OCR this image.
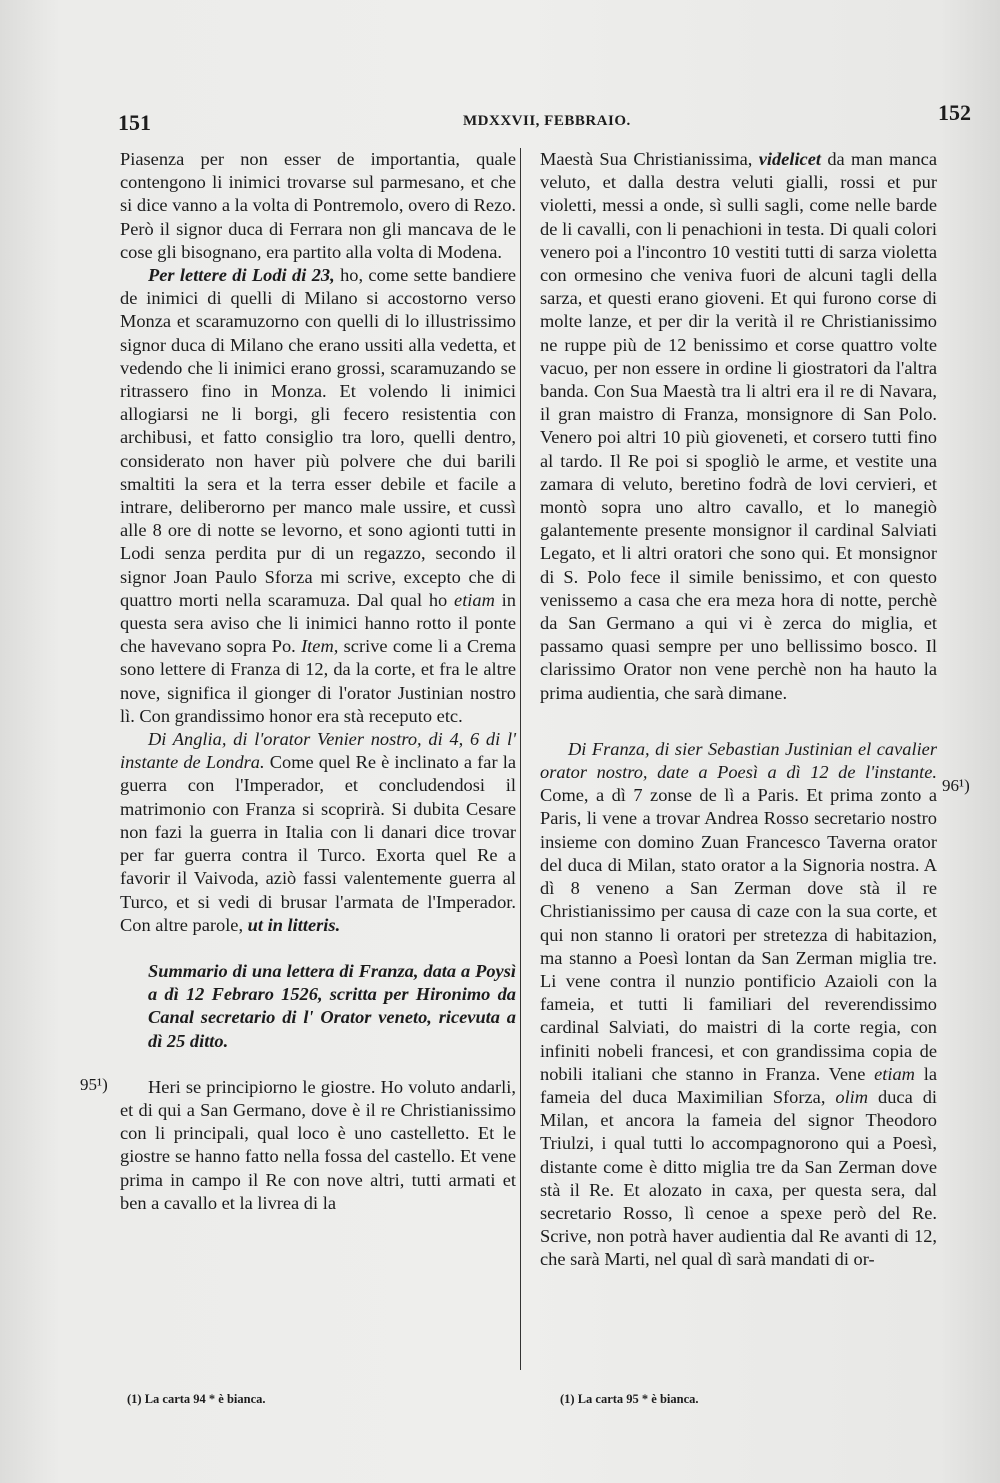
151	MDXXVII, FEBBRAIO.	152

Piasenza per non esser de importantia, quale contengono li inimici trovarse sul parmesano, et che si dice vanno a la volta di Pontremolo, overo di Rezo. Però il signor duca di Ferrara non gli mancava de le cose gli bisognano, era partito alla volta di Modena.

Per lettere di Lodi di 23, ho, come sette bandiere de inimici di quelli di Milano si accostorno verso Monza et scaramuzorno con quelli di lo illustrissimo signor duca di Milano che erano ussiti alla vedetta, et vedendo che li inimici erano grossi, scaramuzando se ritrassero fino in Monza. Et volendo li inimici allogiarsi ne li borgi, gli fecero resistentia con archibusi, et fatto consiglio tra loro, quelli dentro, considerato non haver più polvere che dui barili smaltiti la sera et la terra esser debile et facile a intrare, deliberorno per manco male ussire, et cussì alle 8 ore di notte se levorno, et sono agionti tutti in Lodi senza perdita pur di un regazzo, secondo il signor Joan Paulo Sforza mi scrive, excepto che di quattro morti nella scaramuza. Dal qual ho etiam in questa sera aviso che li inimici hanno rotto il ponte che havevano sopra Po. Item, scrive come li a Crema sono lettere di Franza di 12, da la corte, et fra le altre nove, significa il gionger di l'orator Justinian nostro lì. Con grandissimo honor era stà receputo etc.

Di Anglia, di l'orator Venier nostro, di 4, 6 di l' instante de Londra. Come quel Re è inclinato a far la guerra con l'Imperador, et concludendosi il matrimonio con Franza si scoprirà. Si dubita Cesare non fazi la guerra in Italia con li danari dice trovar per far guerra contra il Turco. Exorta quel Re a favorir il Vaivoda, aziò fassi valentemente guerra al Turco, et si vedi di brusar l'armata de l'Imperador. Con altre parole, ut in litteris.

Summario di una lettera di Franza, data a Poysì a dì 12 Febraro 1526, scritta per Hironimo da Canal secretario di l' Orator veneto, ricevuta a dì 25 ditto.

Heri se principiorno le giostre. Ho voluto andarli, et di qui a San Germano, dove è il re Christianissimo con li principali, qual loco è uno castelletto. Et le giostre se hanno fatto nella fossa del castello. Et vene prima in campo il Re con nove altri, tutti armati et ben a cavallo et la livrea di la

Maestà Sua Christianissima, videlicet da man manca veluto, et dalla destra veluti gialli, rossi et pur violetti, messi a onde, sì sulli sagli, come nelle barde de li cavalli, con li penachioni in testa. Di quali colori venero poi a l'incontro 10 vestiti tutti di sarza violetta con ormesino che veniva fuori de alcuni tagli della sarza, et questi erano gioveni. Et qui furono corse di molte lanze, et per dir la verità il re Christianissimo ne ruppe più de 12 benissimo et corse quattro volte vacuo, per non essere in ordine li giostratori da l'altra banda. Con Sua Maestà tra li altri era il re di Navara, il gran maistro di Franza, monsignore di San Polo. Venero poi altri 10 più gioveneti, et corsero tutti fino al tardo. Il Re poi si spogliò le arme, et vestite una zamara di veluto, beretino fodrà de lovi cervieri, et montò sopra uno altro cavallo, et lo manegiò galantemente presente monsignor il cardinal Salviati Legato, et li altri oratori che sono qui. Et monsignor di S. Polo fece il simile benissimo, et con questo venissemo a casa che era meza hora di notte, perchè da San Germano a qui vi è zerca do miglia, et passamo quasi sempre per uno bellissimo bosco. Il clarissimo Orator non vene perchè non ha hauto la prima audientia, che sarà dimane.

Di Franza, di sier Sebastian Justinian el cavalier orator nostro, date a Poesì a dì 12 de l'instante. Come, a dì 7 zonse de lì a Paris. Et prima zonto a Paris, li vene a trovar Andrea Rosso secretario nostro insieme con domino Zuan Francesco Taverna orator del duca di Milan, stato orator a la Signoria nostra. A dì 8 veneno a San Zerman dove stà il re Christianissimo per causa di caze con la sua corte, et qui non stanno li oratori per stretezza di habitazion, ma stanno a Poesì lontan da San Zerman miglia tre. Li vene contra il nunzio pontificio Azaioli con la fameia, et tutti li familiari del reverendissimo cardinal Salviati, do maistri di la corte regia, con infiniti nobeli francesi, et con grandissima copia de nobili italiani che stanno in Franza. Vene etiam la fameia del duca Maximilian Sforza, olim duca di Milan, et ancora la fameia del signor Theodoro Triulzi, i qual tutti lo accompagnorono qui a Poesì, distante come è ditto miglia tre da San Zerman dove stà il Re. Et alozato in caxa, per questa sera, dal secretario Rosso, lì cenoe a spexe però del Re. Scrive, non potrà haver audientia dal Re avanti di 12, che sarà Marti, nel qual dì sarà mandati di or-

95¹)
96¹)
(1) La carta 94 * è bianca.	(1) La carta 95 * è bianca.
